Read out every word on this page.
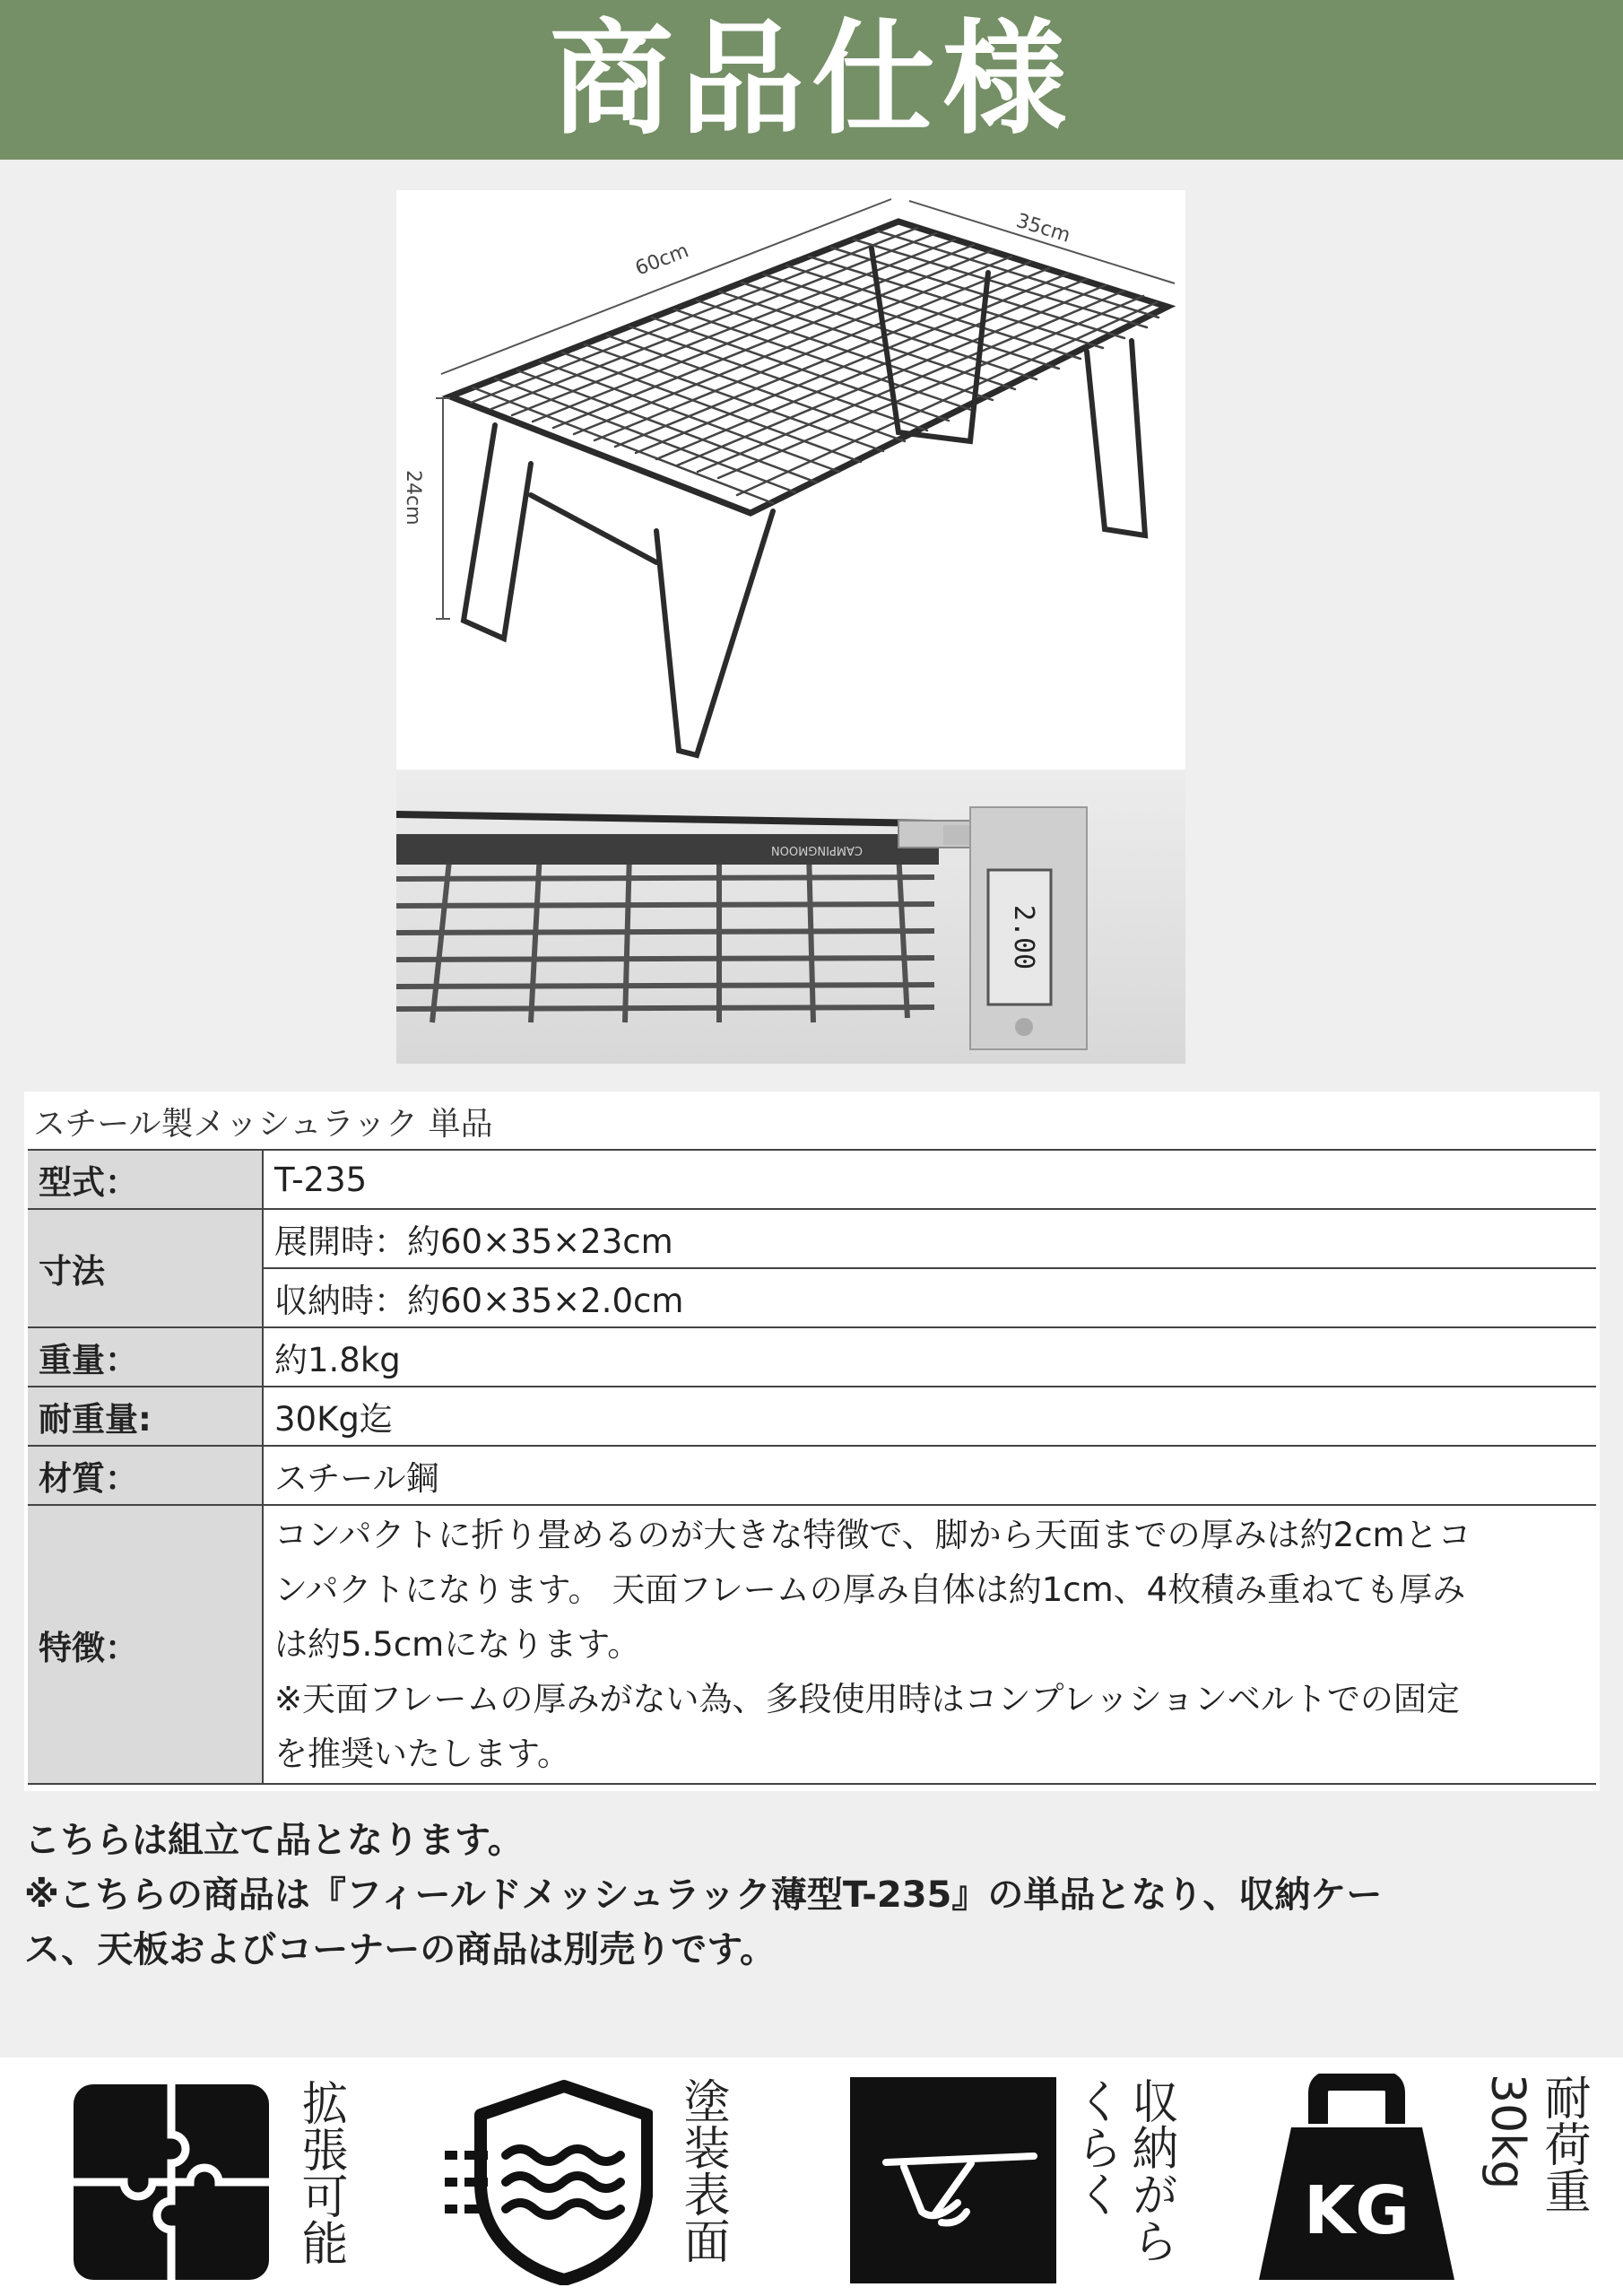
商品仕様
60cm
35cm
24cm
CAMPINGMOON
2.00
スチール製メッシュラック 単品
型式：	T-235
寸法	展開時：約60×35×23cm
	収納時：約60×35×2.0cm
重量：	約1.8kg
耐重量:	30Kg迄
材質：	スチール鋼
特徴：	コンパクトに折り畳めるのが大きな特徴で、脚から天面までの厚みは約2cmとコ
ンパクトになります。 天面フレームの厚み自体は約1cm、4枚積み重ねても厚み
は約5.5cmになります。
※天面フレームの厚みがない為、多段使用時はコンプレッションベルトでの固定
を推奨いたします。
こちらは組立て品となります。
※こちらの商品は『フィールドメッシュラック薄型T-235』の単品となり、収納ケー
ス、天板およびコーナーの商品は別売りです。
拡張可能	塗装表面	収納がらくらく	KG	耐荷重30kg
